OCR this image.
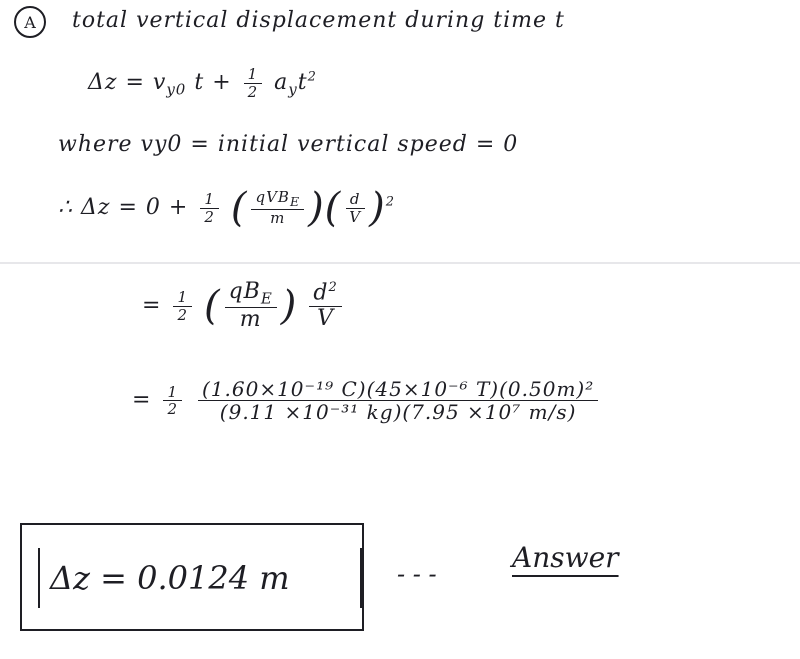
A	total vertical displacement during time t
$\Delta z = v_{y0}$ $t + \frac{1}{2} a_yt^2$
where vy0 = initial vertical speed = 0
∴ $\Delta z = 0 + \frac{1}{2}$ ( $\frac{qVB_E}{m}$ )( $\frac{d}{V} )^2$
= $\frac{1}{2}$ ( $\frac{qB_E}{m}$ ) $\frac{d^2}{V}$
= $\frac{1}{2}$
$\frac{\text{(1.60×10⁻¹⁹ C)(45×10⁻⁶ T)(0.50m)²}}{\text{(9.11 ×10⁻³¹ kg)(7.95 ×10⁷ m/s)}}$
Δz = 0.0124 m	- - -	Answer
